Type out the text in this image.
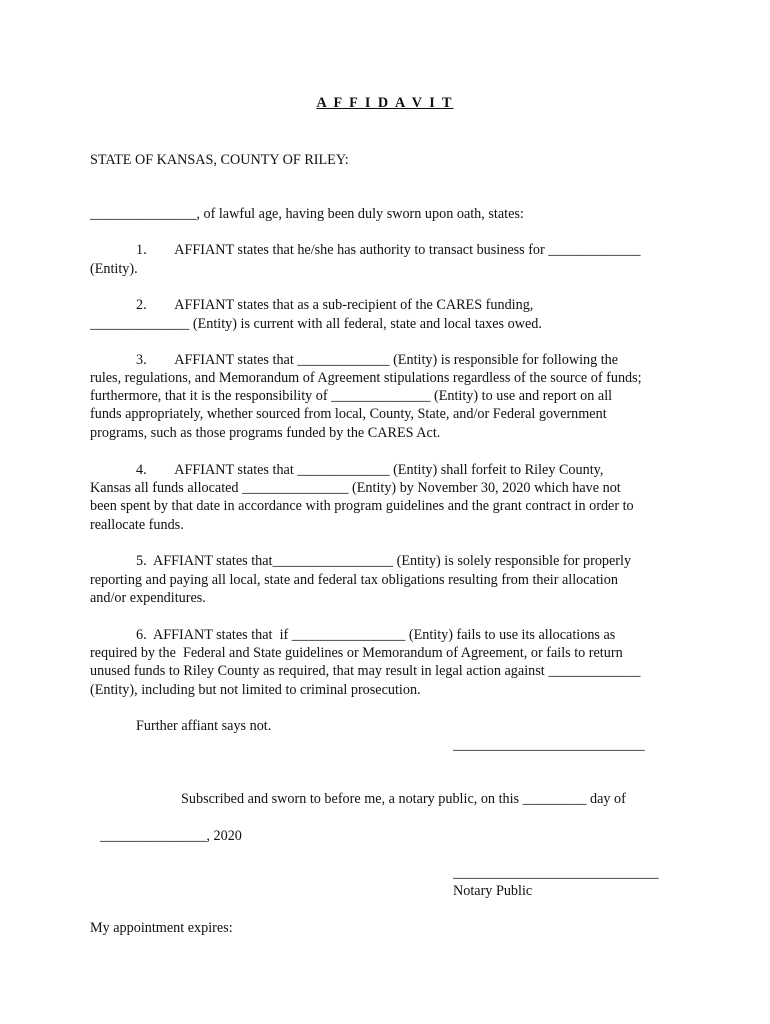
A F F I D A V I T
STATE OF KANSAS, COUNTY OF RILEY:
_______________, of lawful age, having been duly sworn upon oath, states:
1.        AFFIANT states that he/she has authority to transact business for _____________
(Entity).
2.        AFFIANT states that as a sub-recipient of the CARES funding,
______________ (Entity) is current with all federal, state and local taxes owed.
3.        AFFIANT states that _____________ (Entity) is responsible for following the
rules, regulations, and Memorandum of Agreement stipulations regardless of the source of funds;
furthermore, that it is the responsibility of ______________ (Entity) to use and report on all
funds appropriately, whether sourced from local, County, State, and/or Federal government
programs, such as those programs funded by the CARES Act.
4.        AFFIANT states that _____________ (Entity) shall forfeit to Riley County,
Kansas all funds allocated _______________ (Entity) by November 30, 2020 which have not
been spent by that date in accordance with program guidelines and the grant contract in order to
reallocate funds.
5.  AFFIANT states that_________________ (Entity) is solely responsible for properly
reporting and paying all local, state and federal tax obligations resulting from their allocation
and/or expenditures.
6.  AFFIANT states that  if ________________ (Entity) fails to use its allocations as
required by the  Federal and State guidelines or Memorandum of Agreement, or fails to return
unused funds to Riley County as required, that may result in legal action against _____________
(Entity), including but not limited to criminal prosecution.
Further affiant says not.
___________________________
Subscribed and sworn to before me, a notary public, on this _________ day of
_______________, 2020
_____________________________
Notary Public
My appointment expires:
